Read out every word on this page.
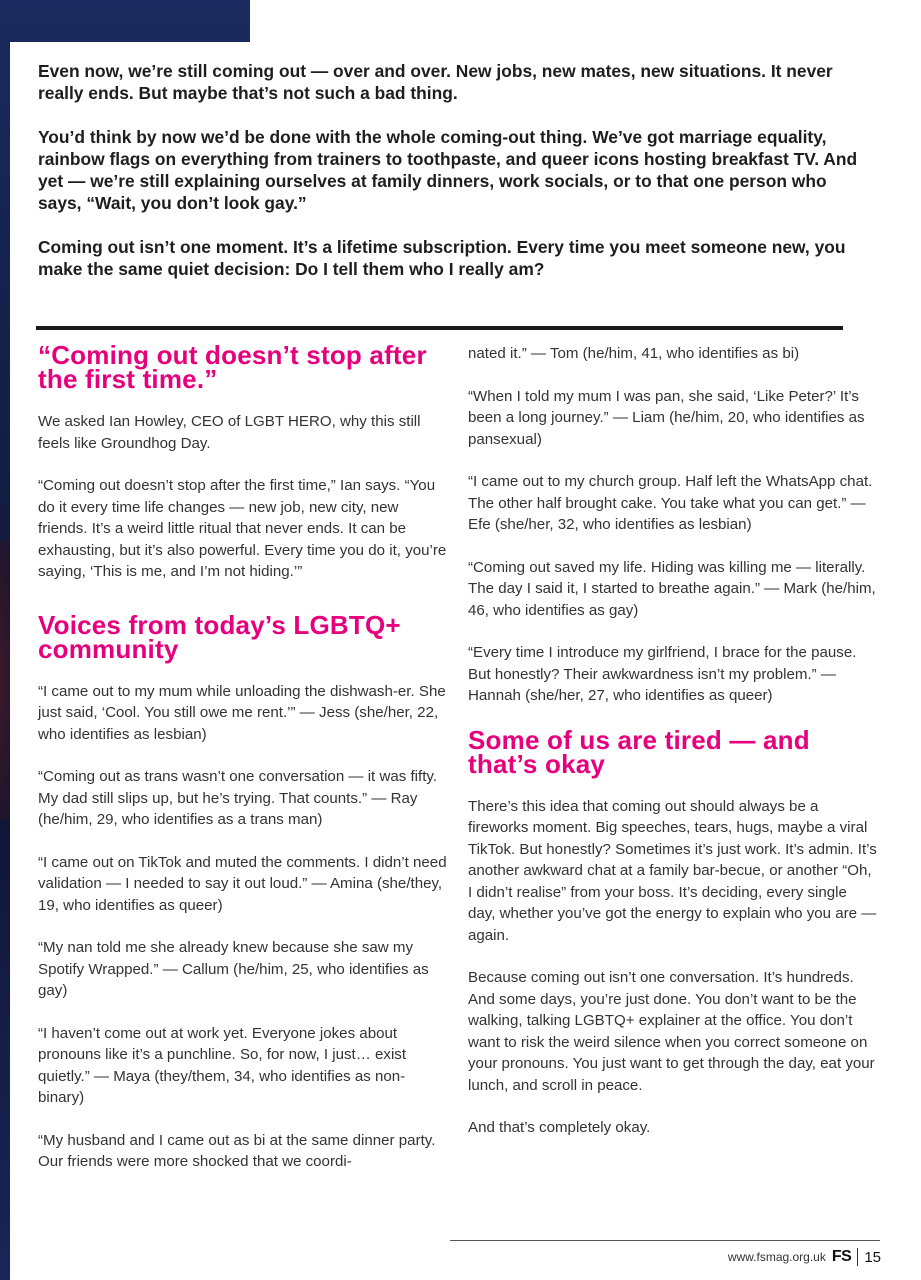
Even now, we’re still coming out — over and over. New jobs, new mates, new situations. It never really ends. But maybe that’s not such a bad thing.

You’d think by now we’d be done with the whole coming-out thing. We’ve got marriage equality, rainbow flags on everything from trainers to toothpaste, and queer icons hosting breakfast TV. And yet — we’re still explaining ourselves at family dinners, work socials, or to that one person who says, “Wait, you don’t look gay.”

Coming out isn’t one moment. It’s a lifetime subscription. Every time you meet someone new, you make the same quiet decision: Do I tell them who I really am?

“Coming out doesn’t stop after the first time.”

We asked Ian Howley, CEO of LGBT HERO, why this still feels like Groundhog Day.

“Coming out doesn’t stop after the first time,” Ian says. “You do it every time life changes — new job, new city, new friends. It’s a weird little ritual that never ends. It can be exhausting, but it’s also powerful. Every time you do it, you’re saying, ‘This is me, and I’m not hiding.’”

Voices from today’s LGBTQ+ community

“I came out to my mum while unloading the dishwash-er. She just said, ‘Cool. You still owe me rent.’” — Jess (she/her, 22, who identifies as lesbian)

“Coming out as trans wasn’t one conversation — it was fifty. My dad still slips up, but he’s trying. That counts.” — Ray (he/him, 29, who identifies as a trans man)

“I came out on TikTok and muted the comments. I didn’t need validation — I needed to say it out loud.” — Amina (she/they, 19, who identifies as queer)

“My nan told me she already knew because she saw my Spotify Wrapped.” — Callum (he/him, 25, who identifies as gay)

“I haven’t come out at work yet. Everyone jokes about pronouns like it’s a punchline. So, for now, I just… exist quietly.” — Maya (they/them, 34, who identifies as non-binary)

“My husband and I came out as bi at the same dinner party. Our friends were more shocked that we coordi-

nated it.” — Tom (he/him, 41, who identifies as bi)

“When I told my mum I was pan, she said, ‘Like Peter?’ It’s been a long journey.” — Liam (he/him, 20, who identifies as pansexual)

“I came out to my church group. Half left the WhatsApp chat. The other half brought cake. You take what you can get.” — Efe (she/her, 32, who identifies as lesbian)

“Coming out saved my life. Hiding was killing me — literally. The day I said it, I started to breathe again.” — Mark (he/him, 46, who identifies as gay)

“Every time I introduce my girlfriend, I brace for the pause. But honestly? Their awkwardness isn’t my problem.” — Hannah (she/her, 27, who identifies as queer)

Some of us are tired — and that’s okay

There’s this idea that coming out should always be a fireworks moment. Big speeches, tears, hugs, maybe a viral TikTok. But honestly? Sometimes it’s just work. It’s admin. It’s another awkward chat at a family bar-becue, or another “Oh, I didn’t realise” from your boss. It’s deciding, every single day, whether you’ve got the energy to explain who you are — again.

Because coming out isn’t one conversation. It’s hundreds. And some days, you’re just done. You don’t want to be the walking, talking LGBTQ+ explainer at the office. You don’t want to risk the weird silence when you correct someone on your pronouns. You just want to get through the day, eat your lunch, and scroll in peace.

And that’s completely okay.

www.fsmag.org.uk FS 15
